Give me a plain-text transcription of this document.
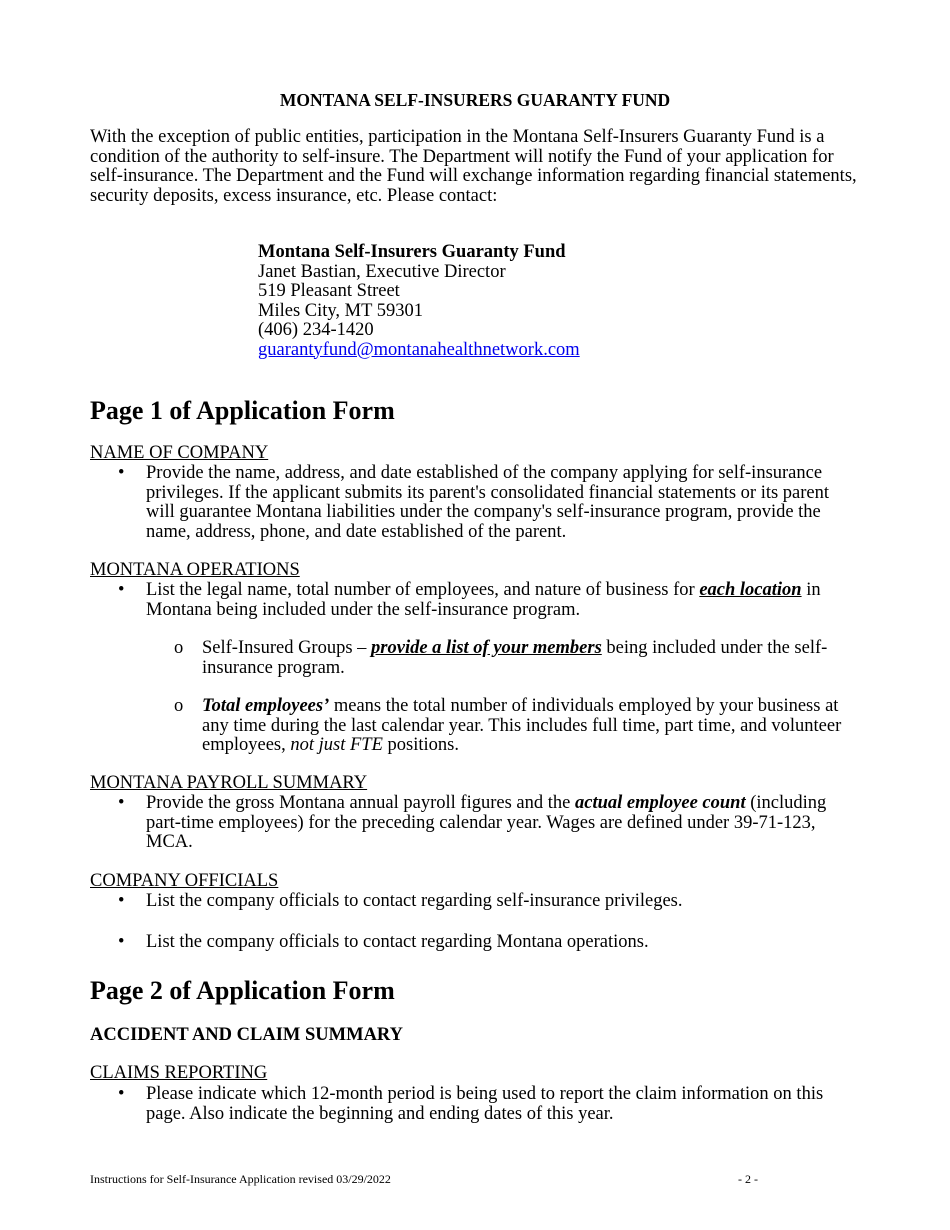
MONTANA SELF-INSURERS GUARANTY FUND
With the exception of public entities, participation in the Montana Self-Insurers Guaranty Fund is a condition of the authority to self-insure. The Department will notify the Fund of your application for self-insurance. The Department and the Fund will exchange information regarding financial statements, security deposits, excess insurance, etc. Please contact:
Montana Self-Insurers Guaranty Fund
Janet Bastian, Executive Director
519 Pleasant Street
Miles City, MT 59301
(406) 234-1420
guarantyfund@montanahealthnetwork.com
Page 1 of Application Form
NAME OF COMPANY
• Provide the name, address, and date established of the company applying for self-insurance privileges. If the applicant submits its parent's consolidated financial statements or its parent will guarantee Montana liabilities under the company's self-insurance program, provide the name, address, phone, and date established of the parent.
MONTANA OPERATIONS
• List the legal name, total number of employees, and nature of business for each location in Montana being included under the self-insurance program.
o Self-Insured Groups – provide a list of your members being included under the self-insurance program.
o Total employees’ means the total number of individuals employed by your business at any time during the last calendar year. This includes full time, part time, and volunteer employees, not just FTE positions.
MONTANA PAYROLL SUMMARY
• Provide the gross Montana annual payroll figures and the actual employee count (including part-time employees) for the preceding calendar year. Wages are defined under 39-71-123, MCA.
COMPANY OFFICIALS
• List the company officials to contact regarding self-insurance privileges.
• List the company officials to contact regarding Montana operations.
Page 2 of Application Form
ACCIDENT AND CLAIM SUMMARY
CLAIMS REPORTING
• Please indicate which 12-month period is being used to report the claim information on this page. Also indicate the beginning and ending dates of this year.
Instructions for Self-Insurance Application revised 03/29/2022	- 2 -
